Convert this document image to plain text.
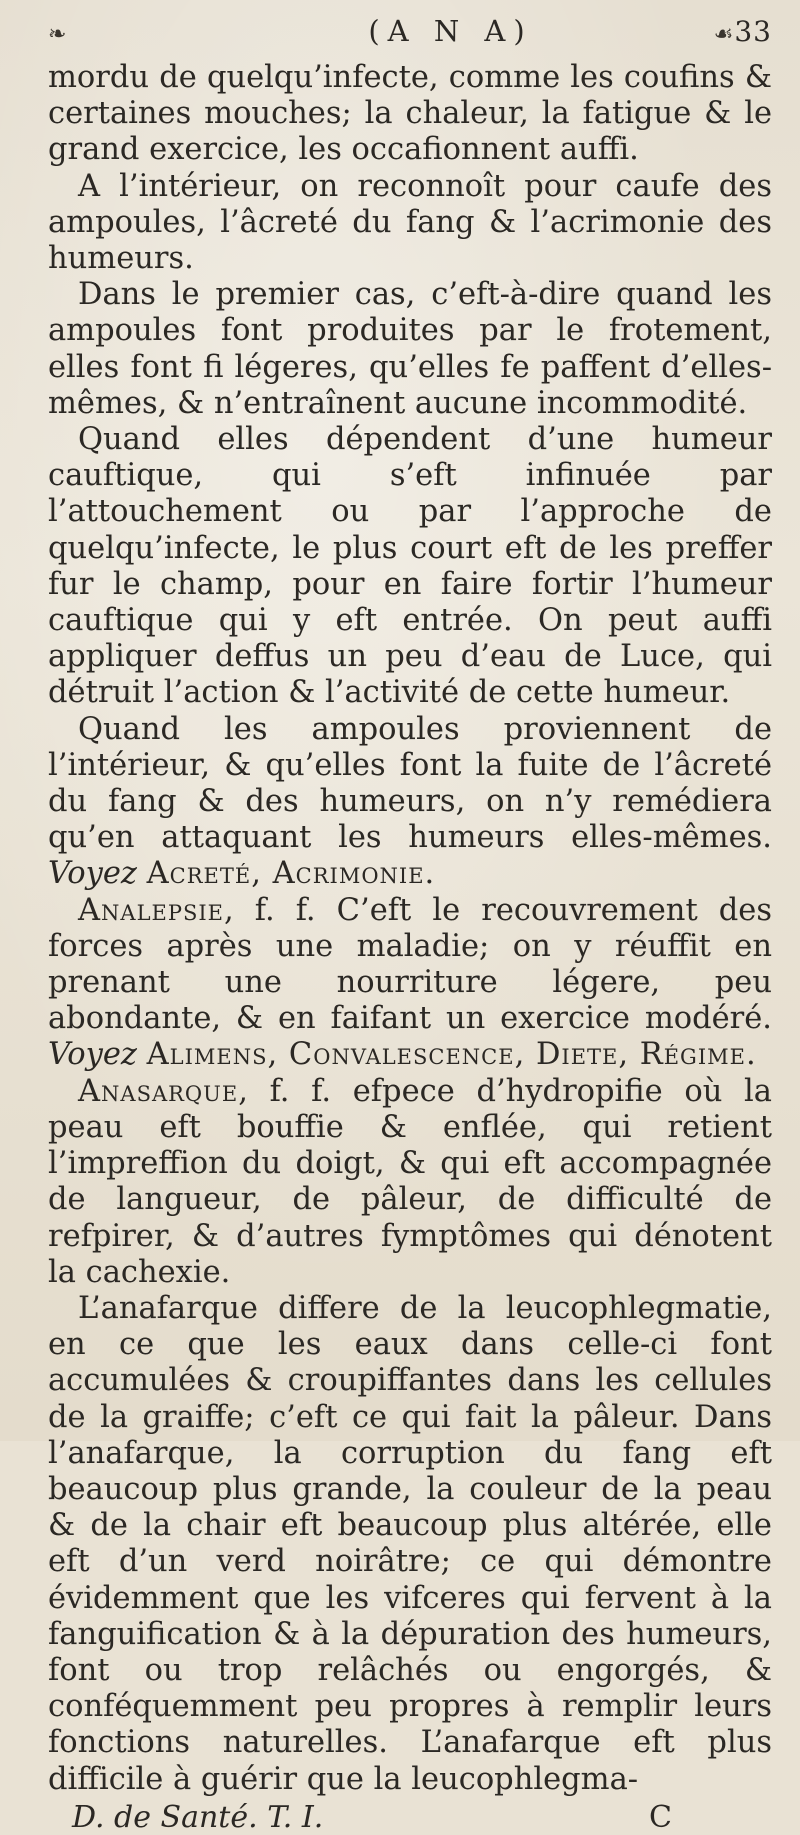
❧	(A N A)	☙ 33

mordu de quelqu’infecte, comme les coufins & certaines mouches; la chaleur, la fatigue & le grand exercice, les occafionnent auffi.

A l’intérieur, on reconnoît pour caufe des ampoules, l’âcreté du fang & l’acrimonie des humeurs.

Dans le premier cas, c’eft-à-dire quand les ampoules font produites par le frotement, elles font fi légeres, qu’elles fe paffent d’elles-mêmes, & n’entraînent aucune incommodité.

Quand elles dépendent d’une humeur cauftique, qui s’eft infinuée par l’attouchement ou par l’approche de quelqu’infecte, le plus court eft de les preffer fur le champ, pour en faire fortir l’humeur cauftique qui y eft entrée. On peut auffi appliquer deffus un peu d’eau de Luce, qui détruit l’action & l’activité de cette humeur.

Quand les ampoules proviennent de l’intérieur, & qu’elles font la fuite de l’âcreté du fang & des humeurs, on n’y remédiera qu’en attaquant les humeurs elles-mêmes. Voyez Acreté, Acrimonie.

Analepsie, f. f. C’eft le recouvrement des forces après une maladie; on y réuffit en prenant une nourriture légere, peu abondante, & en faifant un exercice modéré. Voyez Alimens, Convalescence, Diete, Régime.

Anasarque, f. f. efpece d’hydropifie où la peau eft bouffie & enflée, qui retient l’impreffion du doigt, & qui eft accompagnée de langueur, de pâleur, de difficulté de refpirer, & d’autres fymptômes qui dénotent la cachexie.

L’anafarque differe de la leucophlegmatie, en ce que les eaux dans celle-ci font accumulées & croupiffantes dans les cellules de la graiffe; c’eft ce qui fait la pâleur. Dans l’anafarque, la corruption du fang eft beaucoup plus grande, la couleur de la peau & de la chair eft beaucoup plus altérée, elle eft d’un verd noirâtre; ce qui démontre évidemment que les vifceres qui fervent à la fanguification & à la dépuration des humeurs, font ou trop relâchés ou engorgés, & conféquemment peu propres à remplir leurs fonctions naturelles. L’anafarque eft plus difficile à guérir que la leucophlegma-

D. de Santé. T. I.	C
